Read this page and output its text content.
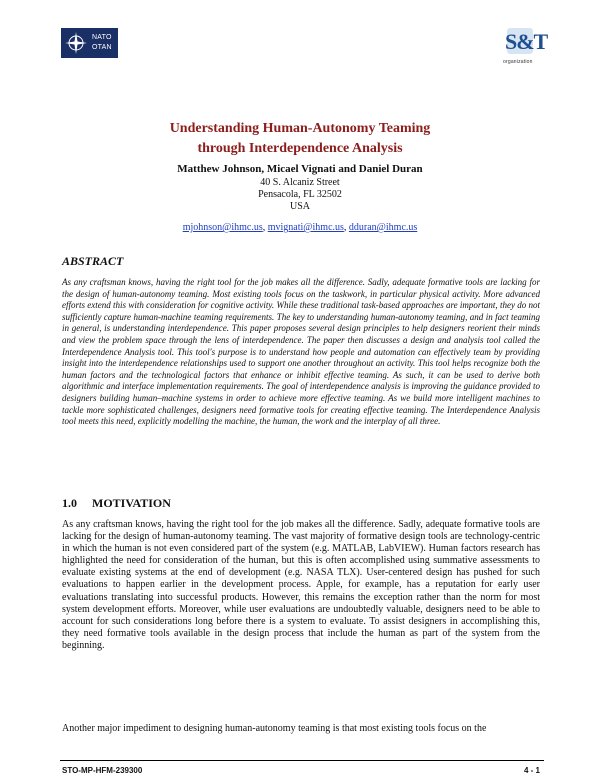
NATO
OTAN	S&T
organization
Understanding Human-Autonomy Teaming
through Interdependence Analysis
Matthew Johnson, Micael Vignati and Daniel Duran
40 S. Alcaniz Street
Pensacola, FL 32502
USA
mjohnson@ihmc.us, mvignati@ihmc.us, dduran@ihmc.us
ABSTRACT
As any craftsman knows, having the right tool for the job makes all the difference. Sadly, adequate formative tools are lacking for the design of human-autonomy teaming. Most existing tools focus on the taskwork, in particular physical activity. More advanced efforts extend this with consideration for cognitive activity. While these traditional task-based approaches are important, they do not sufficiently capture human-machine teaming requirements. The key to understanding human-autonomy teaming, and in fact teaming in general, is understanding interdependence. This paper proposes several design principles to help designers reorient their minds and view the problem space through the lens of interdependence. The paper then discusses a design and analysis tool called the Interdependence Analysis tool. This tool's purpose is to understand how people and automation can effectively team by providing insight into the interdependence relationships used to support one another throughout an activity. This tool helps recognize both the human factors and the technological factors that enhance or inhibit effective teaming. As such, it can be used to derive both algorithmic and interface implementation requirements. The goal of interdependence analysis is improving the guidance provided to designers building human–machine systems in order to achieve more effective teaming. As we build more intelligent machines to tackle more sophisticated challenges, designers need formative tools for creating effective teaming. The Interdependence Analysis tool meets this need, explicitly modelling the machine, the human, the work and the interplay of all three.
1.0 MOTIVATION
As any craftsman knows, having the right tool for the job makes all the difference. Sadly, adequate formative tools are lacking for the design of human-autonomy teaming. The vast majority of formative design tools are technology-centric in which the human is not even considered part of the system (e.g. MATLAB, LabVIEW). Human factors research has highlighted the need for consideration of the human, but this is often accomplished using summative assessments to evaluate existing systems at the end of development (e.g. NASA TLX). User-centered design has pushed for such evaluations to happen earlier in the development process. Apple, for example, has a reputation for early user evaluations translating into successful products. However, this remains the exception rather than the norm for most system development efforts. Moreover, while user evaluations are undoubtedly valuable, designers need to be able to account for such considerations long before there is a system to evaluate. To assist designers in accomplishing this, they need formative tools available in the design process that include the human as part of the system from the beginning.
Another major impediment to designing human-autonomy teaming is that most existing tools focus on the
STO-MP-HFM-239300	4 - 1
